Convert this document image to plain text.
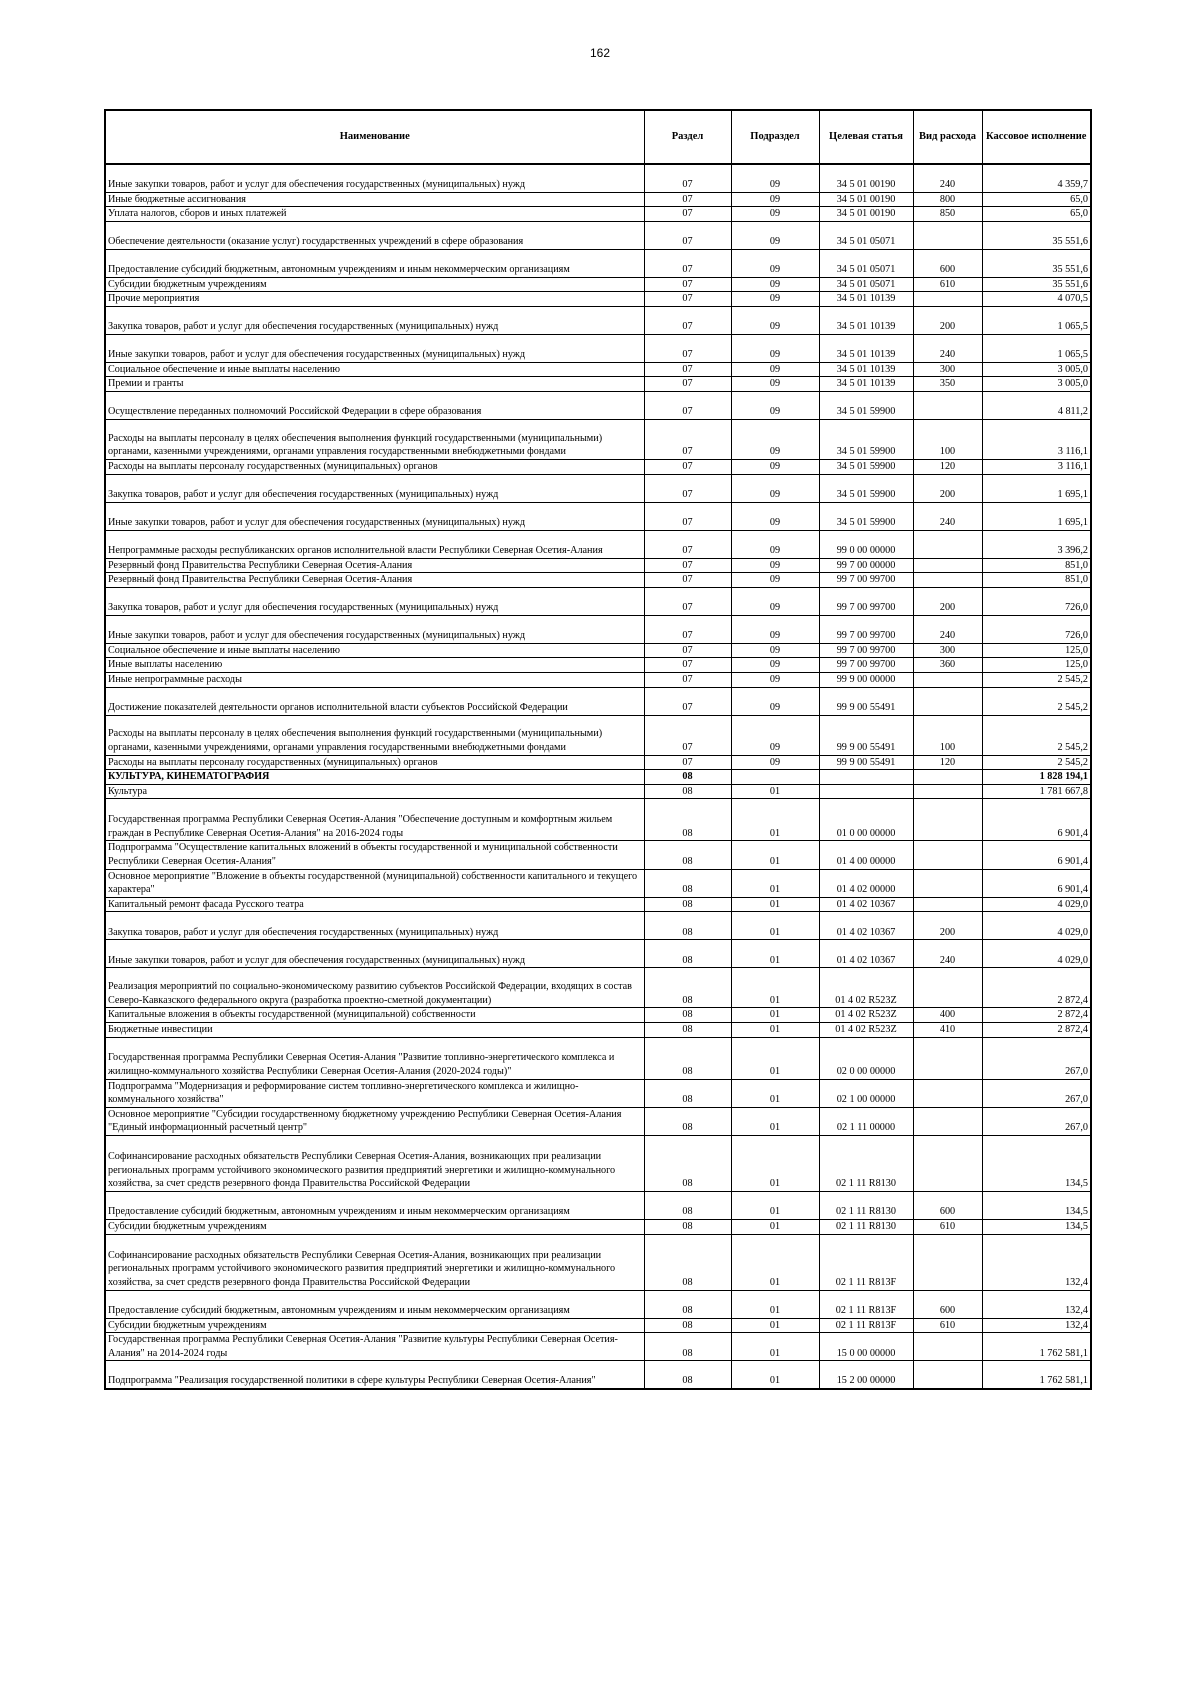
162
Наименование	Раздел	Подраздел	Целевая статья	Вид расхода	Кассовое исполнение
Иные закупки товаров, работ и услуг для обеспечения государственных (муниципальных) нужд	07	09	34 5 01 00190	240	4 359,7
Иные бюджетные ассигнования	07	09	34 5 01 00190	800	65,0
Уплата налогов, сборов и иных платежей	07	09	34 5 01 00190	850	65,0
Обеспечение деятельности (оказание услуг) государственных учреждений в сфере образования	07	09	34 5 01 05071		35 551,6
Предоставление субсидий бюджетным, автономным учреждениям и иным некоммерческим организациям	07	09	34 5 01 05071	600	35 551,6
Субсидии бюджетным учреждениям	07	09	34 5 01 05071	610	35 551,6
Прочие мероприятия	07	09	34 5 01 10139		4 070,5
Закупка товаров, работ и услуг для обеспечения государственных (муниципальных) нужд	07	09	34 5 01 10139	200	1 065,5
Иные закупки товаров, работ и услуг для обеспечения государственных (муниципальных) нужд	07	09	34 5 01 10139	240	1 065,5
Социальное обеспечение и иные выплаты населению	07	09	34 5 01 10139	300	3 005,0
Премии и гранты	07	09	34 5 01 10139	350	3 005,0
Осуществление переданных полномочий Российской Федерации в сфере образования	07	09	34 5 01 59900		4 811,2
Расходы на выплаты персоналу в целях обеспечения выполнения функций государственными (муниципальными) органами, казенными учреждениями, органами управления государственными внебюджетными фондами	07	09	34 5 01 59900	100	3 116,1
Расходы на выплаты персоналу государственных (муниципальных) органов	07	09	34 5 01 59900	120	3 116,1
Закупка товаров, работ и услуг для обеспечения государственных (муниципальных) нужд	07	09	34 5 01 59900	200	1 695,1
Иные закупки товаров, работ и услуг для обеспечения государственных (муниципальных) нужд	07	09	34 5 01 59900	240	1 695,1
Непрограммные расходы республиканских органов исполнительной власти Республики Северная Осетия-Алания	07	09	99 0 00 00000		3 396,2
Резервный фонд Правительства Республики Северная Осетия-Алания	07	09	99 7 00 00000		851,0
Резервный фонд Правительства Республики Северная Осетия-Алания	07	09	99 7 00 99700		851,0
Закупка товаров, работ и услуг для обеспечения государственных (муниципальных) нужд	07	09	99 7 00 99700	200	726,0
Иные закупки товаров, работ и услуг для обеспечения государственных (муниципальных) нужд	07	09	99 7 00 99700	240	726,0
Социальное обеспечение и иные выплаты населению	07	09	99 7 00 99700	300	125,0
Иные выплаты населению	07	09	99 7 00 99700	360	125,0
Иные непрограммные расходы	07	09	99 9 00 00000		2 545,2
Достижение показателей деятельности органов исполнительной власти субъектов Российской Федерации	07	09	99 9 00 55491		2 545,2
Расходы на выплаты персоналу в целях обеспечения выполнения функций государственными (муниципальными) органами, казенными учреждениями, органами управления государственными внебюджетными фондами	07	09	99 9 00 55491	100	2 545,2
Расходы на выплаты персоналу государственных (муниципальных) органов	07	09	99 9 00 55491	120	2 545,2
КУЛЬТУРА, КИНЕМАТОГРАФИЯ	08				1 828 194,1
Культура	08	01			1 781 667,8
Государственная программа Республики Северная Осетия-Алания "Обеспечение доступным и комфортным жильем граждан в Республике Северная Осетия-Алания" на 2016-2024 годы	08	01	01 0 00 00000		6 901,4
Подпрограмма "Осуществление капитальных вложений в объекты государственной и муниципальной собственности Республики Северная Осетия-Алания"	08	01	01 4 00 00000		6 901,4
Основное мероприятие "Вложение в объекты государственной (муниципальной) собственности капитального и текущего характера"	08	01	01 4 02 00000		6 901,4
Капитальный ремонт фасада Русского театра	08	01	01 4 02 10367		4 029,0
Закупка товаров, работ и услуг для обеспечения государственных (муниципальных) нужд	08	01	01 4 02 10367	200	4 029,0
Иные закупки товаров, работ и услуг для обеспечения государственных (муниципальных) нужд	08	01	01 4 02 10367	240	4 029,0
Реализация мероприятий по социально-экономическому развитию субъектов Российской Федерации, входящих в состав Северо-Кавказского федерального округа (разработка проектно-сметной документации)	08	01	01 4 02 R523Z		2 872,4
Капитальные вложения в объекты государственной (муниципальной) собственности	08	01	01 4 02 R523Z	400	2 872,4
Бюджетные инвестиции	08	01	01 4 02 R523Z	410	2 872,4
Государственная программа Республики Северная Осетия-Алания "Развитие топливно-энергетического комплекса и жилищно-коммунального хозяйства Республики Северная Осетия-Алания (2020-2024 годы)"	08	01	02 0 00 00000		267,0
Подпрограмма "Модернизация и реформирование систем топливно-энергетического комплекса и жилищно-коммунального хозяйства"	08	01	02 1 00 00000		267,0
Основное мероприятие "Субсидии государственному бюджетному учреждению Республики Северная Осетия-Алания "Единый информационный расчетный центр"	08	01	02 1 11 00000		267,0
Софинансирование расходных обязательств Республики Северная Осетия-Алания, возникающих при реализации региональных программ устойчивого экономического развития предприятий энергетики и жилищно-коммунального хозяйства, за счет средств резервного фонда Правительства Российской Федерации	08	01	02 1 11 R8130		134,5
Предоставление субсидий бюджетным, автономным учреждениям и иным некоммерческим организациям	08	01	02 1 11 R8130	600	134,5
Субсидии бюджетным учреждениям	08	01	02 1 11 R8130	610	134,5
Софинансирование расходных обязательств Республики Северная Осетия-Алания, возникающих при реализации региональных программ устойчивого экономического развития предприятий энергетики и жилищно-коммунального хозяйства, за счет средств резервного фонда Правительства Российской Федерации	08	01	02 1 11 R813F		132,4
Предоставление субсидий бюджетным, автономным учреждениям и иным некоммерческим организациям	08	01	02 1 11 R813F	600	132,4
Субсидии бюджетным учреждениям	08	01	02 1 11 R813F	610	132,4
Государственная программа Республики Северная Осетия-Алания "Развитие культуры Республики Северная Осетия-Алания" на 2014-2024 годы	08	01	15 0 00 00000		1 762 581,1
Подпрограмма "Реализация государственной политики в сфере культуры Республики Северная Осетия-Алания"	08	01	15 2 00 00000		1 762 581,1
